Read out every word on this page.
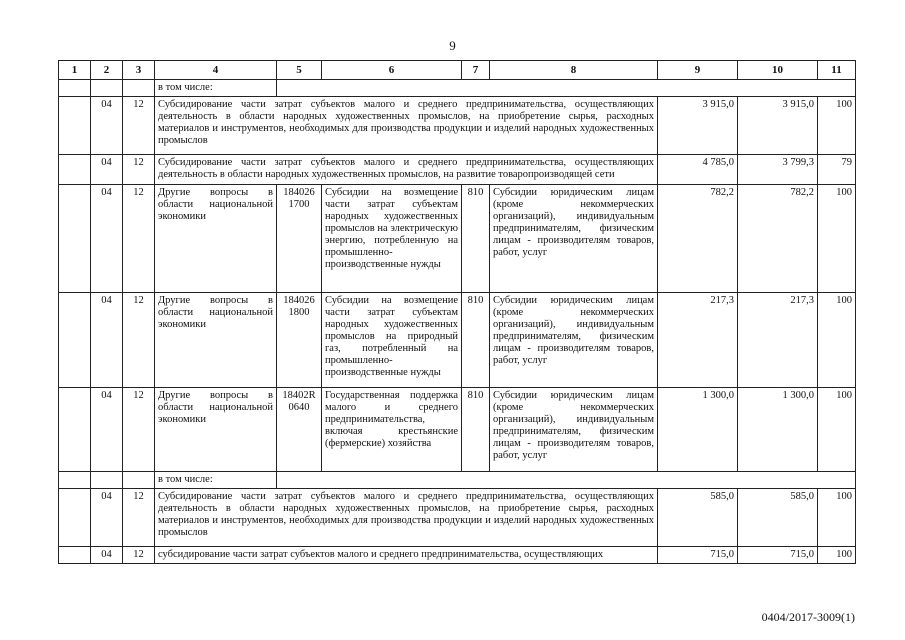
9
1	2	3	4	5	6	7	8	9	10	11
			в том числе:							
	04	12	Субсидирование части затрат субъектов малого и среднего предпринимательства, осуществляющих деятельность в области народных художественных промыслов, на приобретение сырья, расходных материалов и инструментов, необходимых для производства продукции и изделий народных художественных промыслов					3 915,0	3 915,0	100
	04	12	Субсидирование части затрат субъектов малого и среднего предпринимательства, осуществляющих деятельность в области народных художественных промыслов, на развитие товаропроизводящей сети					4 785,0	3 799,3	79
	04	12	Другие вопросы в области национальной экономики	184026 1700	Субсидии на возмещение части затрат субъектам народных художественных промыслов на электрическую энергию, потребленную на промышленно-производственные нужды	810	Субсидии юридическим лицам (кроме некоммерческих организаций), индивидуальным предпринимателям, физическим лицам - производителям товаров, работ, услуг	782,2	782,2	100
	04	12	Другие вопросы в области национальной экономики	184026 1800	Субсидии на возмещение части затрат субъектам народных художественных промыслов на природный газ, потребленный на промышленно-производственные нужды	810	Субсидии юридическим лицам (кроме некоммерческих организаций), индивидуальным предпринимателям, физическим лицам - производителям товаров, работ, услуг	217,3	217,3	100
	04	12	Другие вопросы в области национальной экономики	18402R 0640	Государственная поддержка малого и среднего предпринимательства, включая крестьянские (фермерские) хозяйства	810	Субсидии юридическим лицам (кроме некоммерческих организаций), индивидуальным предпринимателям, физическим лицам - производителям товаров, работ, услуг	1 300,0	1 300,0	100
			в том числе:							
	04	12	Субсидирование части затрат субъектов малого и среднего предпринимательства, осуществляющих деятельность в области народных художественных промыслов, на приобретение сырья, расходных материалов и инструментов, необходимых для производства продукции и изделий народных художественных промыслов					585,0	585,0	100
	04	12	субсидирование части затрат субъектов малого и среднего предпринимательства, осуществляющих					715,0	715,0	100
0404/2017-3009(1)
